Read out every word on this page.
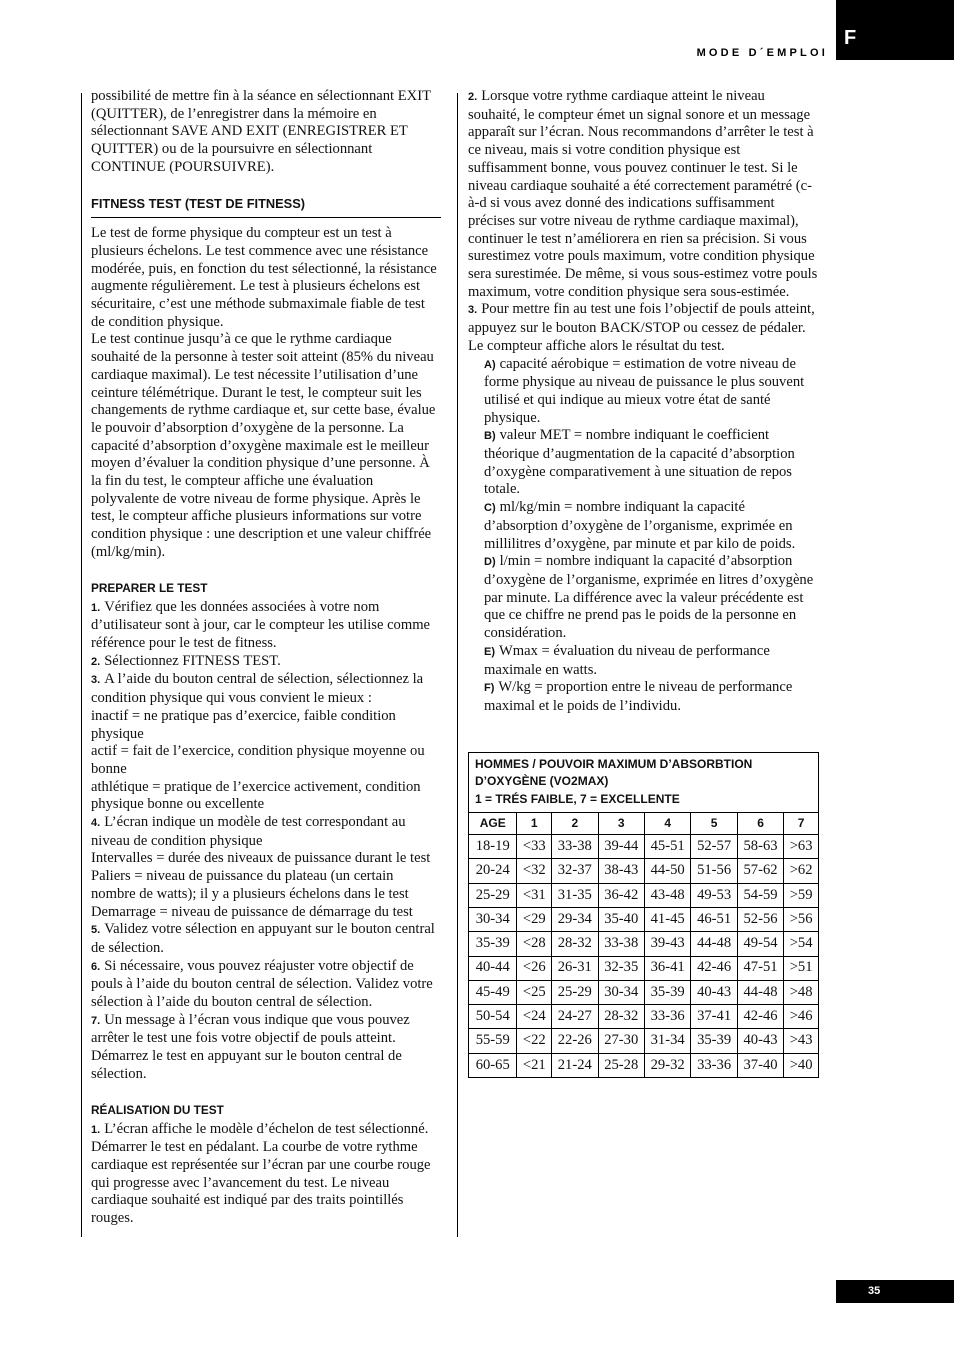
F
MODE D´EMPLOI

possibilité de mettre fin à la séance en sélectionnant EXIT (QUITTER), de l’enregistrer dans la mémoire en sélectionnant SAVE AND EXIT (ENREGISTRER ET QUITTER) ou de la poursuivre en sélectionnant CONTINUE (POURSUIVRE).

FITNESS TEST (TEST DE FITNESS)

Le test de forme physique du compteur est un test à plusieurs échelons. Le test commence avec une résistance modérée, puis, en fonction du test sélectionné, la résistance augmente régulièrement. Le test à plusieurs échelons est sécuritaire, c’est une méthode submaximale fiable de test de condition physique.

Le test continue jusqu’à ce que le rythme cardiaque souhaité de la personne à tester soit atteint (85% du niveau cardiaque maximal). Le test nécessite l’utilisation d’une ceinture télémétrique. Durant le test, le compteur suit les changements de rythme cardiaque et, sur cette base, évalue le pouvoir d’absorption d’oxygène de la personne. La capacité d’absorption d’oxygène maximale est le meilleur moyen d’évaluer la condition physique d’une personne. À la fin du test, le compteur affiche une évaluation polyvalente de votre niveau de forme physique. Après le test, le compteur affiche plusieurs informations sur votre condition physique : une description et une valeur chiffrée (ml/kg/min).

PREPARER LE TEST

1. Vérifiez que les données associées à votre nom d’utilisateur sont à jour, car le compteur les utilise comme référence pour le test de fitness.

2. Sélectionnez FITNESS TEST.

3. A l’aide du bouton central de sélection, sélectionnez la condition physique qui vous convient le mieux :

inactif = ne pratique pas d’exercice, faible condition physique

actif = fait de l’exercice, condition physique moyenne ou bonne

athlétique = pratique de l’exercice activement, condition physique bonne ou excellente

4. L’écran indique un modèle de test correspondant au niveau de condition physique

Intervalles = durée des niveaux de puissance durant le test

Paliers = niveau de puissance du plateau (un certain nombre de watts); il y a plusieurs échelons dans le test

Demarrage = niveau de puissance de démarrage du test

5. Validez votre sélection en appuyant sur le bouton central de sélection.

6. Si nécessaire, vous pouvez réajuster votre objectif de pouls à l’aide du bouton central de sélection. Validez votre sélection à l’aide du bouton central de sélection.

7. Un message à l’écran vous indique que vous pouvez arrêter le test une fois votre objectif de pouls atteint. Démarrez le test en appuyant sur le bouton central de sélection.

RÉALISATION DU TEST

1. L’écran affiche le modèle d’échelon de test sélectionné. Démarrer le test en pédalant. La courbe de votre rythme cardiaque est représentée sur l’écran par une courbe rouge qui progresse avec l’avancement du test. Le niveau cardiaque souhaité est indiqué par des traits pointillés rouges.

2. Lorsque votre rythme cardiaque atteint le niveau souhaité, le compteur émet un signal sonore et un message apparaît sur l’écran. Nous recommandons d’arrêter le test à ce niveau, mais si votre condition physique est suffisamment bonne, vous pouvez continuer le test. Si le niveau cardiaque souhaité a été correctement paramétré (c-à-d si vous avez donné des indications suffisamment précises sur votre niveau de rythme cardiaque maximal), continuer le test n’améliorera en rien sa précision. Si vous surestimez votre pouls maximum, votre condition physique sera surestimée. De même, si vous sous-estimez votre pouls maximum, votre condition physique sera sous-estimée.

3. Pour mettre fin au test une fois l’objectif de pouls atteint, appuyez sur le bouton BACK/STOP ou cessez de pédaler. Le compteur affiche alors le résultat du test.

A) capacité aérobique = estimation de votre niveau de forme physique au niveau de puissance le plus souvent utilisé et qui indique au mieux votre état de santé physique.

B) valeur MET = nombre indiquant le coefficient théorique d’augmentation de la capacité d’absorption d’oxygène comparativement à une situation de repos totale.

C) ml/kg/min = nombre indiquant la capacité d’absorption d’oxygène de l’organisme, exprimée en millilitres d’oxygène, par minute et par kilo de poids.

D) l/min = nombre indiquant la capacité d’absorption d’oxygène de l’organisme, exprimée en litres d’oxygène par minute. La différence avec la valeur précédente est que ce chiffre ne prend pas le poids de la personne en

considération.

E) Wmax = évaluation du niveau de performance maximale en watts.

F) W/kg = proportion entre le niveau de performance maximal et le poids de l’individu.

HOMMES / POUVOIR MAXIMUM D’ABSORBTION D’OXYGÈNE (VO2MAX)
1 = TRÉS FAIBLE, 7 = EXCELLENTE							

AGE	1	2	3	4	5	6	7
18-19	<33	33-38	39-44	45-51	52-57	58-63	>63
20-24	<32	32-37	38-43	44-50	51-56	57-62	>62
25-29	<31	31-35	36-42	43-48	49-53	54-59	>59
30-34	<29	29-34	35-40	41-45	46-51	52-56	>56
35-39	<28	28-32	33-38	39-43	44-48	49-54	>54
40-44	<26	26-31	32-35	36-41	42-46	47-51	>51
45-49	<25	25-29	30-34	35-39	40-43	44-48	>48
50-54	<24	24-27	28-32	33-36	37-41	42-46	>46
55-59	<22	22-26	27-30	31-34	35-39	40-43	>43
60-65	<21	21-24	25-28	29-32	33-36	37-40	>40
35
